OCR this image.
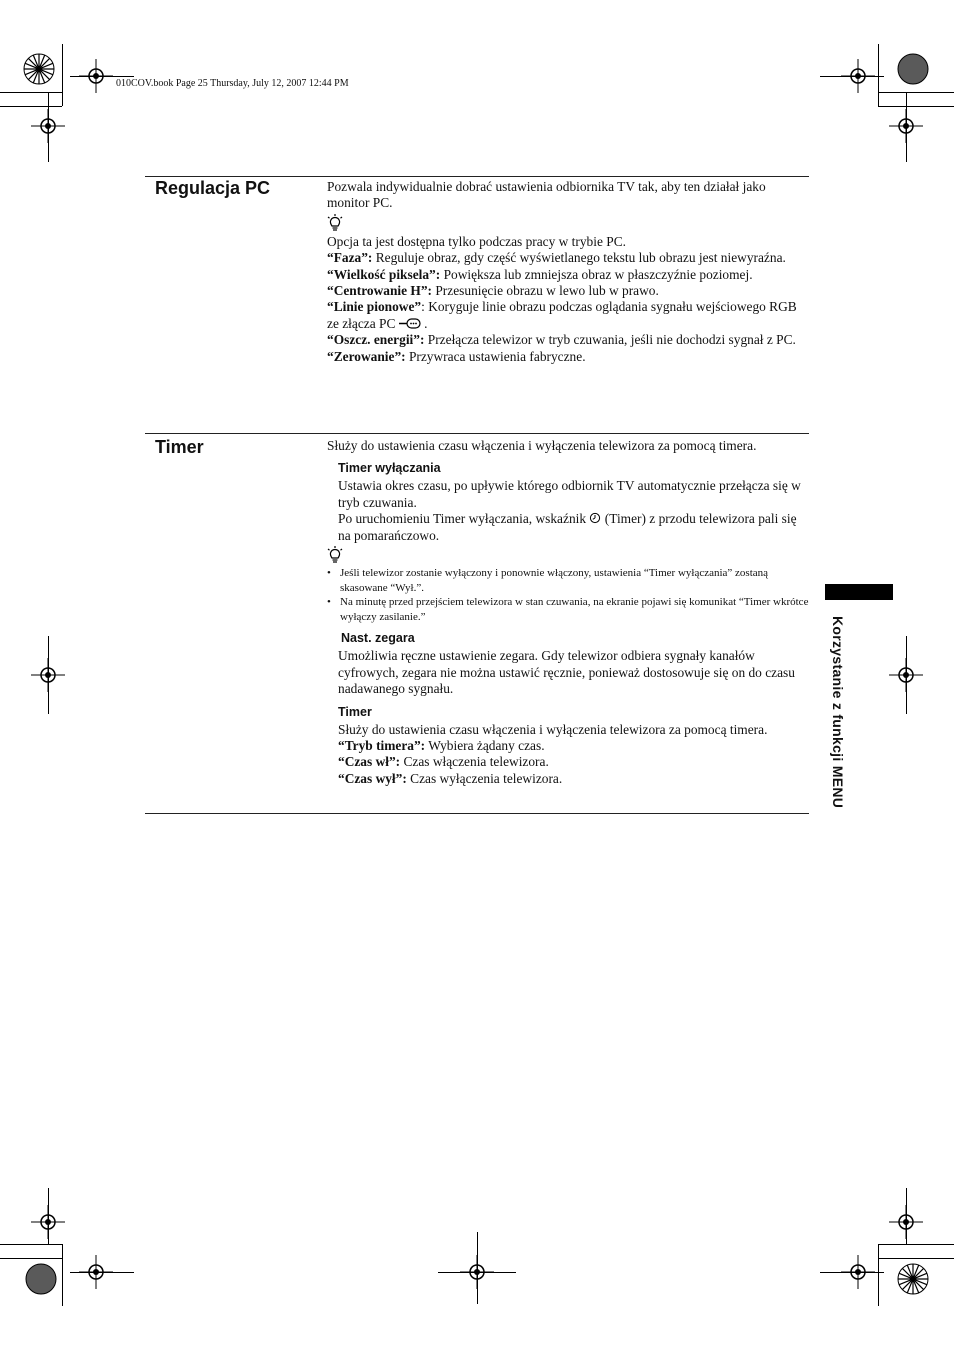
010COV.book Page 25 Thursday, July 12, 2007 12:44 PM
Regulacja PC	Pozwala indywidualnie dobrać ustawienia odbiornika TV tak, aby ten działał jako monitor PC.

Opcja ta jest dostępna tylko podczas pracy w trybie PC.

“Faza”: Reguluje obraz, gdy część wyświetlanego tekstu lub obrazu jest niewyraźna.

“Wielkość piksela”: Powiększa lub zmniejsza obraz w płaszczyźnie poziomej.

“Centrowanie H”: Przesunięcie obrazu w lewo lub w prawo.

“Linie pionowe”: Koryguje linie obrazu podczas oglądania sygnału wejściowego RGB ze złącza PC  .

“Oszcz. energii”: Przełącza telewizor w tryb czuwania, jeśli nie dochodzi sygnał z PC.

“Zerowanie”: Przywraca ustawienia fabryczne.

Timer	Służy do ustawienia czasu włączenia i wyłączenia telewizora za pomocą timera.

Timer wyłączania

Ustawia okres czasu, po upływie którego odbiornik TV automatycznie przełącza się w tryb czuwania.

Po uruchomieniu Timer wyłączania, wskaźnik (Timer) z przodu telewizora pali się na pomarańczowo.

• Jeśli telewizor zostanie wyłączony i ponownie włączony, ustawienia “Timer wyłączania” zostaną skasowane “Wył.”.

• Na minutę przed przejściem telewizora w stan czuwania, na ekranie pojawi się komunikat “Timer wkrótce wyłączy zasilanie.”

Nast. zegara

Umożliwia ręczne ustawienie zegara. Gdy telewizor odbiera sygnały kanałów cyfrowych, zegara nie można ustawić ręcznie, ponieważ dostosowuje się on do czasu nadawanego sygnału.

Timer

Służy do ustawienia czasu włączenia i wyłączenia telewizora za pomocą timera.

“Tryb timera”: Wybiera żądany czas.

“Czas wł”: Czas włączenia telewizora.

“Czas wył”: Czas wyłączenia telewizora.	Korzystanie z funkcji MENU
